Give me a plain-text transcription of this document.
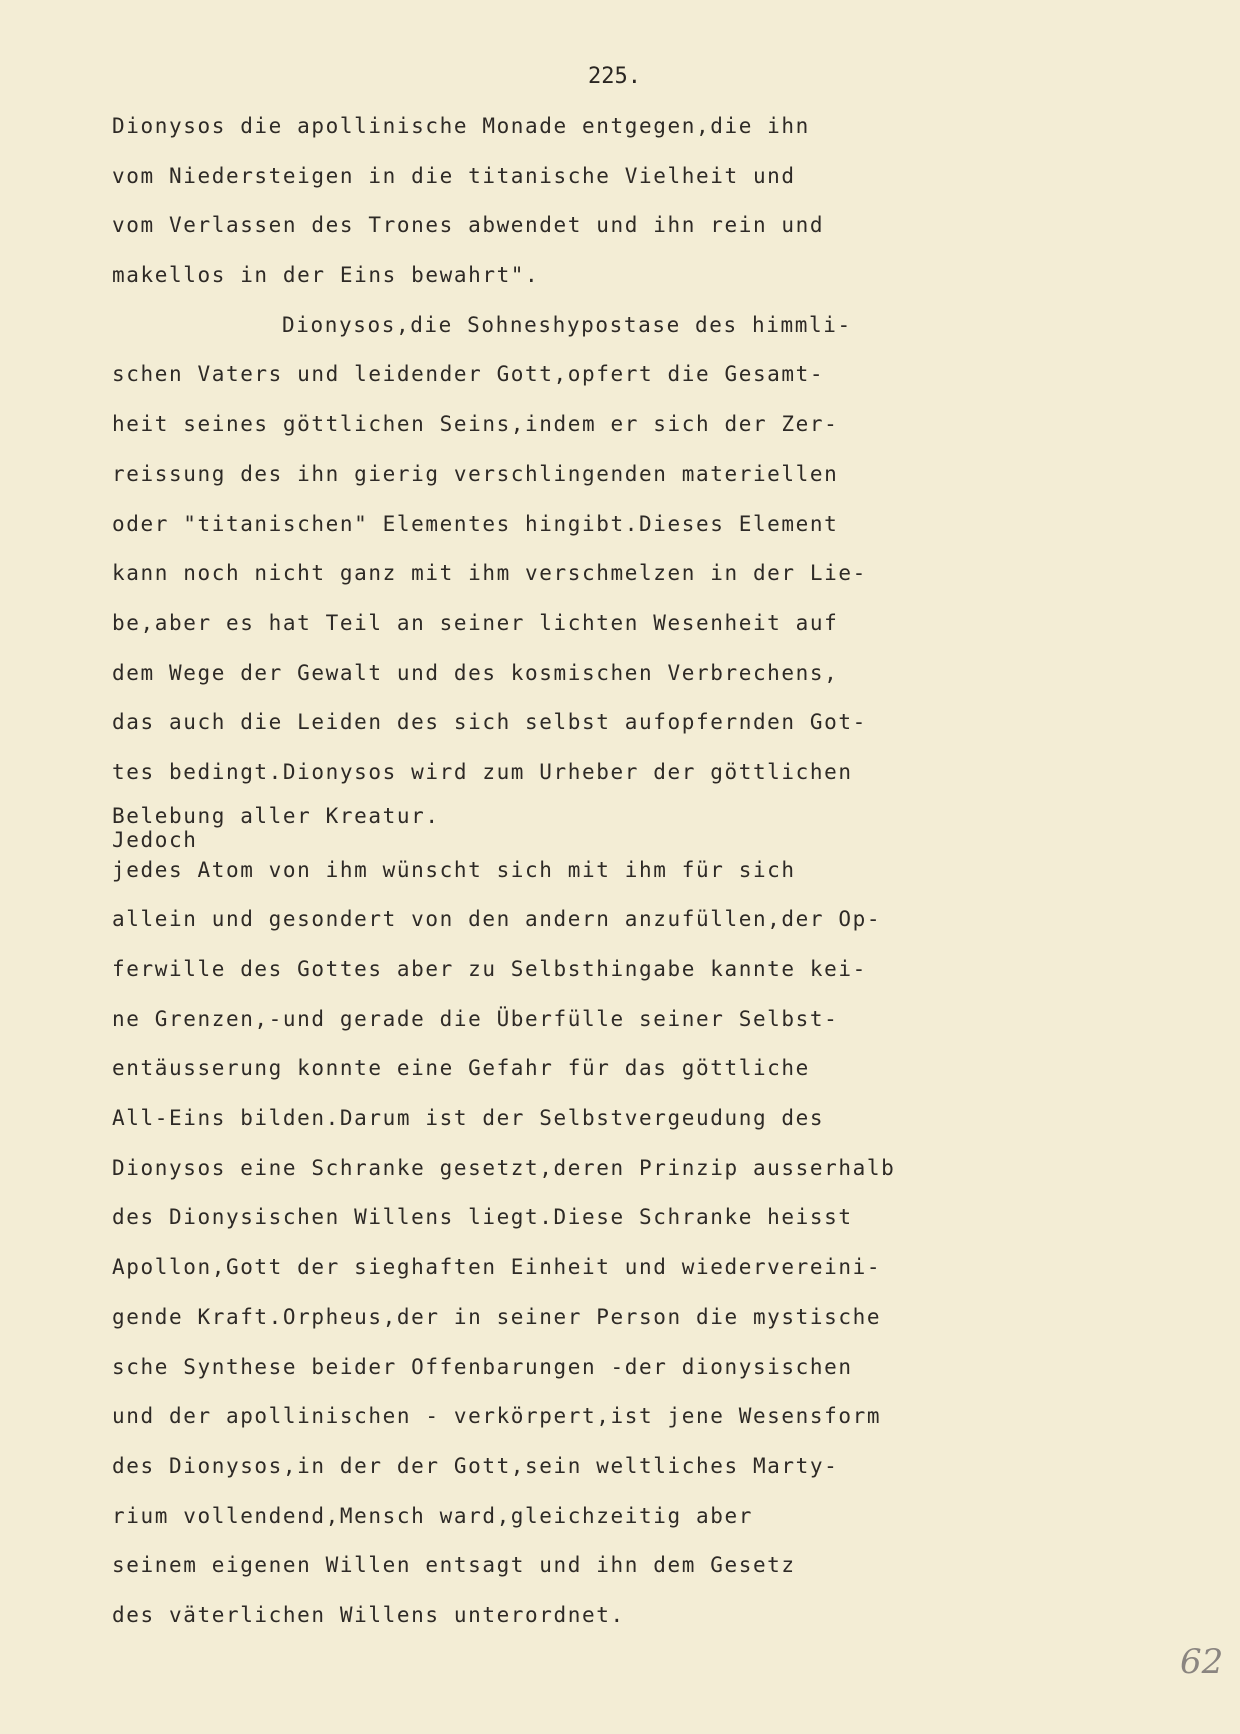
225.
Dionysos die apollinische Monade entgegen,die ihn
vom Niedersteigen in die titanische Vielheit und
vom Verlassen des Trones abwendet und ihn rein und
makellos in der Eins bewahrt".
Dionysos,die Sohneshypostase des himmli-
schen Vaters und leidender Gott,opfert die Gesamt-
heit seines göttlichen Seins,indem er sich der Zer-
reissung des ihn gierig verschlingenden materiellen
oder "titanischen" Elementes hingibt.Dieses Element
kann noch nicht ganz mit ihm verschmelzen in der Lie-
be,aber es hat Teil an seiner lichten Wesenheit auf
dem Wege der Gewalt und des kosmischen Verbrechens,
das auch die Leiden des sich selbst aufopfernden Got-
tes bedingt.Dionysos wird zum Urheber der göttlichen
Belebung aller Kreatur.
Jedoch
jedes Atom von ihm wünscht sich mit ihm für sich
allein und gesondert von den andern anzufüllen,der Op-
ferwille des Gottes aber zu Selbsthingabe kannte kei-
ne Grenzen,-und gerade die Überfülle seiner Selbst-
entäusserung konnte eine Gefahr für das göttliche
All-Eins bilden.Darum ist der Selbstvergeudung des
Dionysos eine Schranke gesetzt,deren Prinzip ausserhalb
des Dionysischen Willens liegt.Diese Schranke heisst
Apollon,Gott der sieghaften Einheit und wiedervereini-
gende Kraft.Orpheus,der in seiner Person die mystische
sche Synthese beider Offenbarungen -der dionysischen
und der apollinischen - verkörpert,ist jene Wesensform
des Dionysos,in der der Gott,sein weltliches Marty-
rium vollendend,Mensch ward,gleichzeitig aber
seinem eigenen Willen entsagt und ihn dem Gesetz
des väterlichen Willens unterordnet.
62
